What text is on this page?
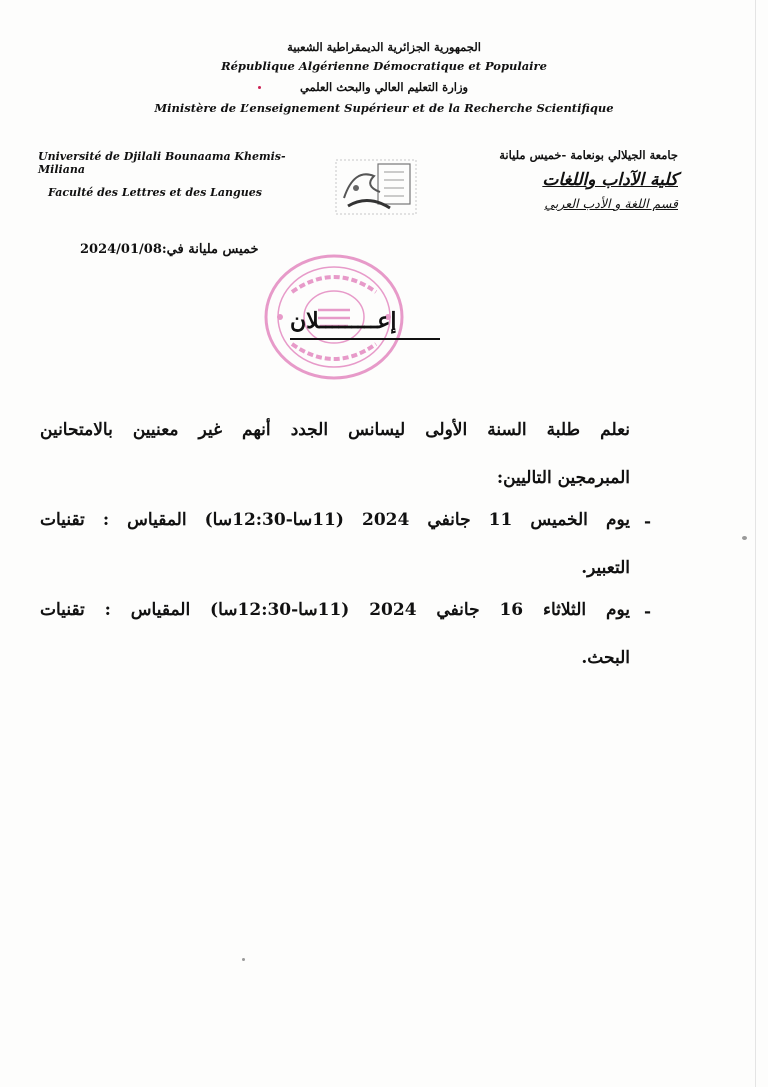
الجمهورية الجزائرية الديمقراطية الشعبية
République Algérienne Démocratique et Populaire
وزارة التعليم العالي والبحث العلمي
Ministère de L’enseignement Supérieur et de la Recherche Scientifique
Université de Djilali Bounaama Khemis-Miliana
Faculté des Lettres et des Langues
جامعة الجيلالي بونعامة -خميس مليانة
كلية الآداب واللغات
قسم اللغة و الأدب العربي
خميس مليانة في:2024/01/08
إعـــــــــلان
نعلم طلبة السنة الأولى ليسانس الجدد أنهم غير معنيين بالامتحانين
المبرمجين التاليين:
-
يوم الخميس 11 جانفي 2024 (11سا-12:30سا) المقياس : تقنيات
التعبير.
-
يوم الثلاثاء 16 جانفي 2024 (11سا-12:30سا) المقياس : تقنيات
البحث.
